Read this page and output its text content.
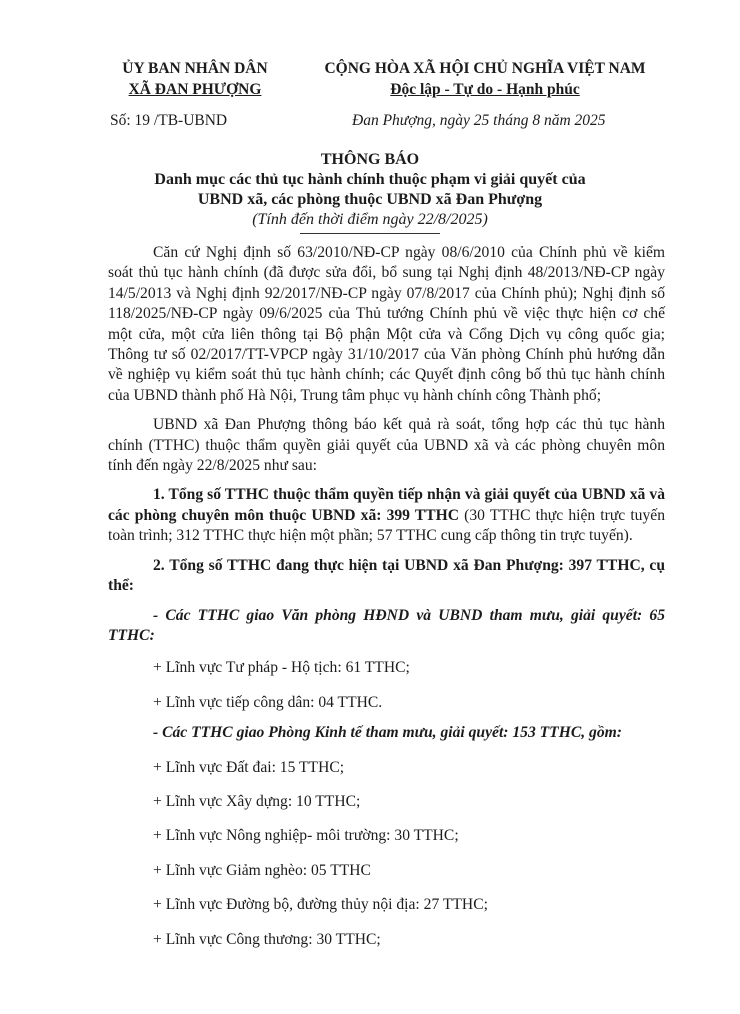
ỦY BAN NHÂN DÂN
XÃ ĐAN PHƯỢNG
CỘNG HÒA XÃ HỘI CHỦ NGHĨA VIỆT NAM
Độc lập - Tự do - Hạnh phúc
Số: 19 /TB-UBND	Đan Phượng, ngày 25 tháng 8 năm 2025
THÔNG BÁO
Danh mục các thủ tục hành chính thuộc phạm vi giải quyết của
UBND xã, các phòng thuộc UBND xã Đan Phượng
(Tính đến thời điểm ngày 22/8/2025)

Căn cứ Nghị định số 63/2010/NĐ-CP ngày 08/6/2010 của Chính phủ về kiểm soát thủ tục hành chính (đã được sửa đổi, bổ sung tại Nghị định 48/2013/NĐ-CP ngày 14/5/2013 và Nghị định 92/2017/NĐ-CP ngày 07/8/2017 của Chính phủ); Nghị định số 118/2025/NĐ-CP ngày 09/6/2025 của Thủ tướng Chính phủ về việc thực hiện cơ chế một cửa, một cửa liên thông tại Bộ phận Một cửa và Cổng Dịch vụ công quốc gia; Thông tư số 02/2017/TT-VPCP ngày 31/10/2017 của Văn phòng Chính phủ hướng dẫn về nghiệp vụ kiểm soát thủ tục hành chính; các Quyết định công bố thủ tục hành chính của UBND thành phố Hà Nội, Trung tâm phục vụ hành chính công Thành phố;

UBND xã Đan Phượng thông báo kết quả rà soát, tổng hợp các thủ tục hành chính (TTHC) thuộc thẩm quyền giải quyết của UBND xã và các phòng chuyên môn tính đến ngày 22/8/2025 như sau:

1. Tổng số TTHC thuộc thẩm quyền tiếp nhận và giải quyết của UBND xã và các phòng chuyên môn thuộc UBND xã: 399 TTHC (30 TTHC thực hiện trực tuyến toàn trình; 312 TTHC thực hiện một phần; 57 TTHC cung cấp thông tin trực tuyến).

2. Tổng số TTHC đang thực hiện tại UBND xã Đan Phượng: 397 TTHC, cụ thể:

- Các TTHC giao Văn phòng HĐND và UBND tham mưu, giải quyết: 65 TTHC:

+ Lĩnh vực Tư pháp - Hộ tịch: 61 TTHC;
+ Lĩnh vực tiếp công dân: 04 TTHC.
- Các TTHC giao Phòng Kinh tế tham mưu, giải quyết: 153 TTHC, gồm:
+ Lĩnh vực Đất đai: 15 TTHC;
+ Lĩnh vực Xây dựng: 10 TTHC;
+ Lĩnh vực Nông nghiệp- môi trường: 30 TTHC;
+ Lĩnh vực Giảm nghèo: 05 TTHC
+ Lĩnh vực Đường bộ, đường thủy nội địa: 27 TTHC;
+ Lĩnh vực Công thương: 30 TTHC;
